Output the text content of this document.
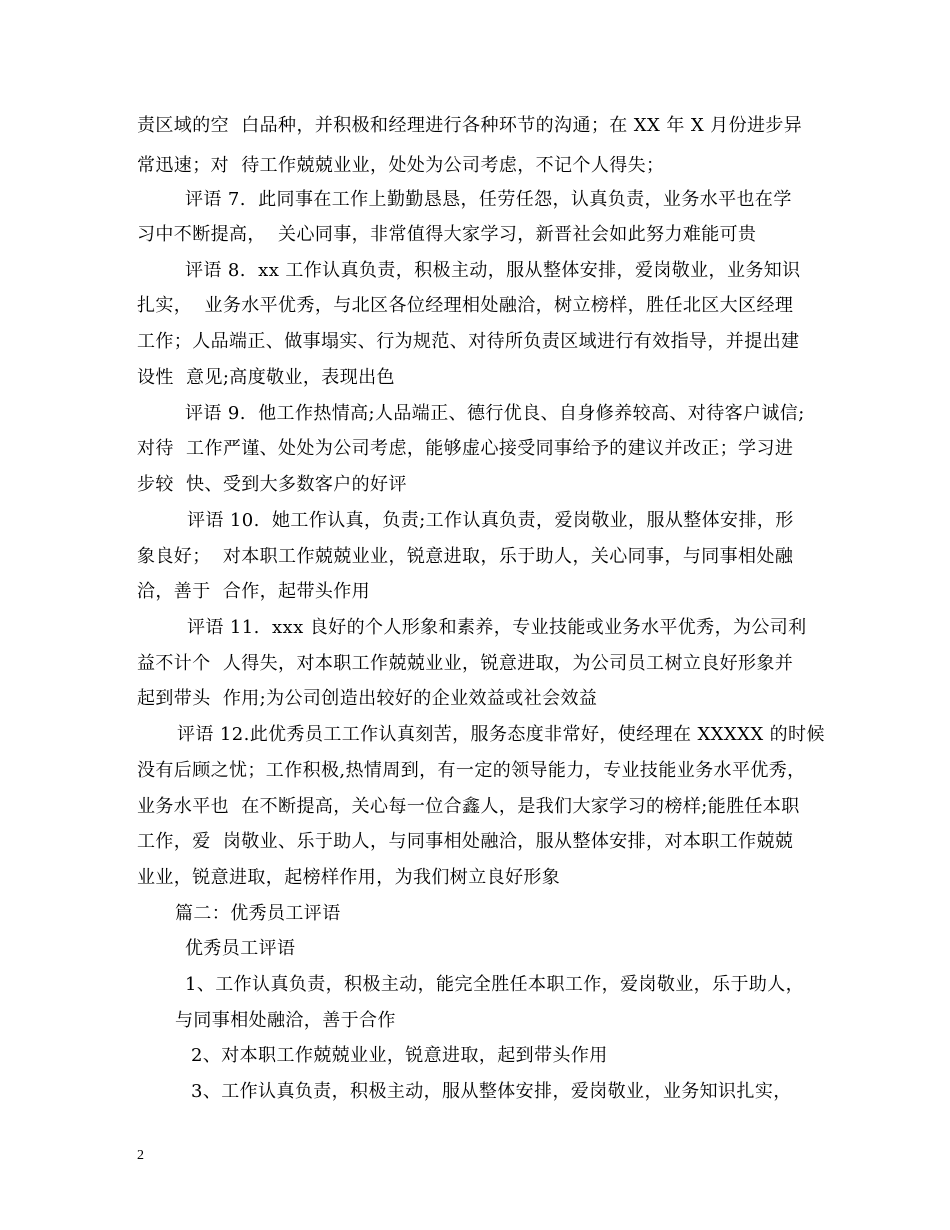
责区域的空  白品种，并积极和经理进行各种环节的沟通；在 XX 年 X 月份进步异
常迅速；对  待工作兢兢业业，处处为公司考虑，不记个人得失；
评语 7.  此同事在工作上勤勤恳恳，任劳任怨，认真负责，业务水平也在学
习中不断提高，  关心同事，非常值得大家学习，新晋社会如此努力难能可贵
评语 8.  xx 工作认真负责，积极主动，服从整体安排，爱岗敬业，业务知识
扎实，  业务水平优秀，与北区各位经理相处融洽，树立榜样，胜任北区大区经理
工作；人品端正、做事塌实、行为规范、对待所负责区域进行有效指导，并提出建
设性  意见;高度敬业，表现出色
评语 9.  他工作热情高;人品端正、德行优良、自身修养较高、对待客户诚信;
对待  工作严谨、处处为公司考虑，能够虚心接受同事给予的建议并改正；学习进
步较  快、受到大多数客户的好评
评语 10.  她工作认真，负责;工作认真负责，爱岗敬业，服从整体安排，形
象良好；  对本职工作兢兢业业，锐意进取，乐于助人，关心同事，与同事相处融
洽，善于  合作，起带头作用
评语 11.  xxx 良好的个人形象和素养，专业技能或业务水平优秀，为公司利
益不计个  人得失，对本职工作兢兢业业，锐意进取，为公司员工树立良好形象并
起到带头  作用;为公司创造出较好的企业效益或社会效益
评语 12.此优秀员工工作认真刻苦，服务态度非常好，使经理在 XXXXX 的时候
没有后顾之忧；工作积极,热情周到，有一定的领导能力，专业技能业务水平优秀，
业务水平也  在不断提高，关心每一位合鑫人，是我们大家学习的榜样;能胜任本职
工作，爱  岗敬业、乐于助人，与同事相处融洽，服从整体安排，对本职工作兢兢
业业，锐意进取，起榜样作用，为我们树立良好形象
篇二：优秀员工评语
优秀员工评语
1、工作认真负责，积极主动，能完全胜任本职工作，爱岗敬业，乐于助人，
与同事相处融洽，善于合作
2、对本职工作兢兢业业，锐意进取，起到带头作用
3、工作认真负责，积极主动，服从整体安排，爱岗敬业，业务知识扎实，
2
